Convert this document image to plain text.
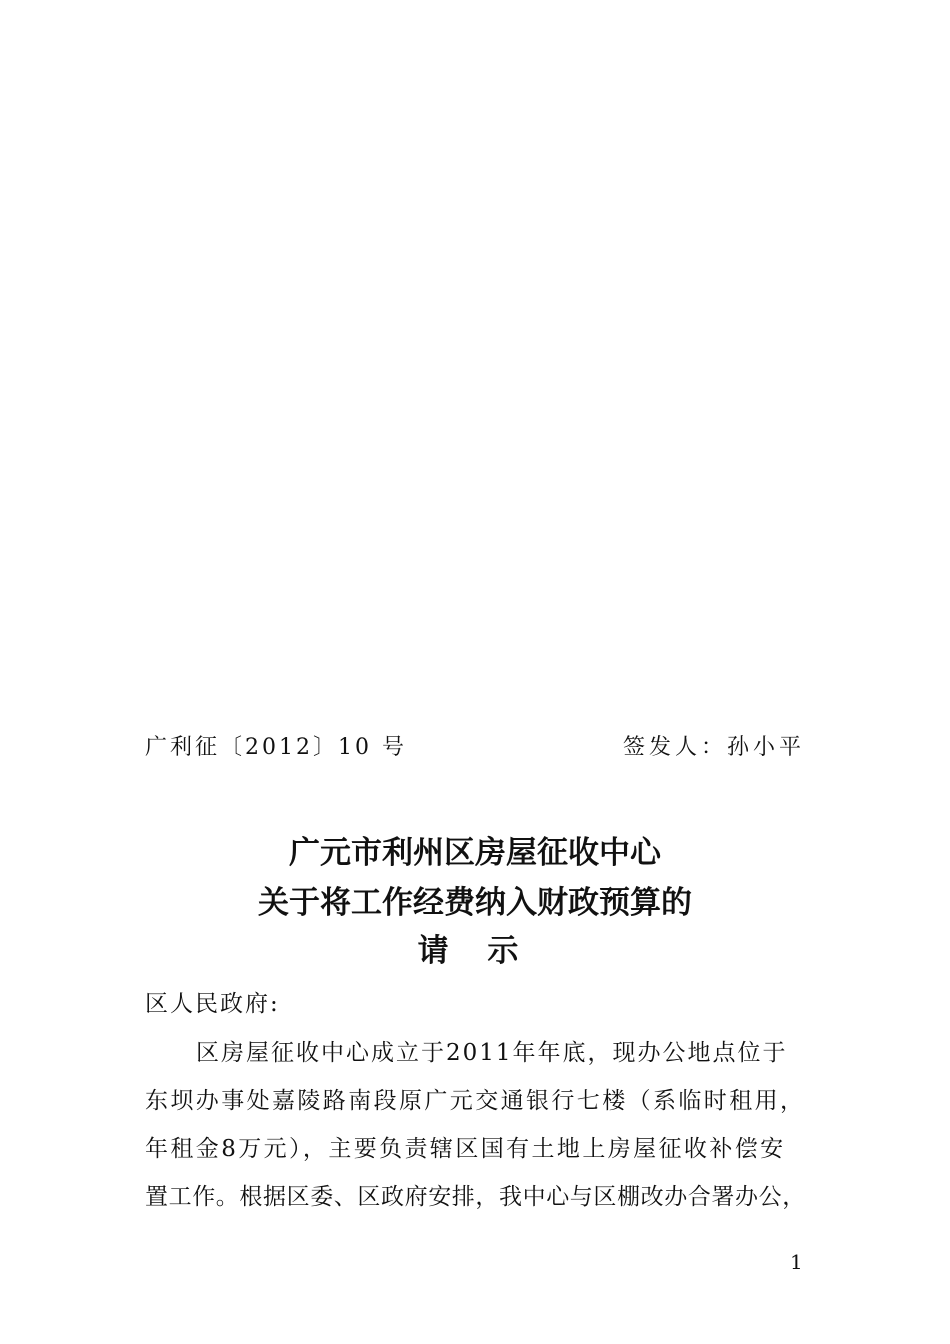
广利征〔2012〕10 号	签发人：孙小平
广元市利州区房屋征收中心
关于将工作经费纳入财政预算的
请 示
区人民政府:
区房屋征收中心成立于2011年年底，现办公地点位于
东坝办事处嘉陵路南段原广元交通银行七楼（系临时租用，
年租金8万元），主要负责辖区国有土地上房屋征收补偿安
置工作。根据区委、区政府安排，我中心与区棚改办合署办公，
1
